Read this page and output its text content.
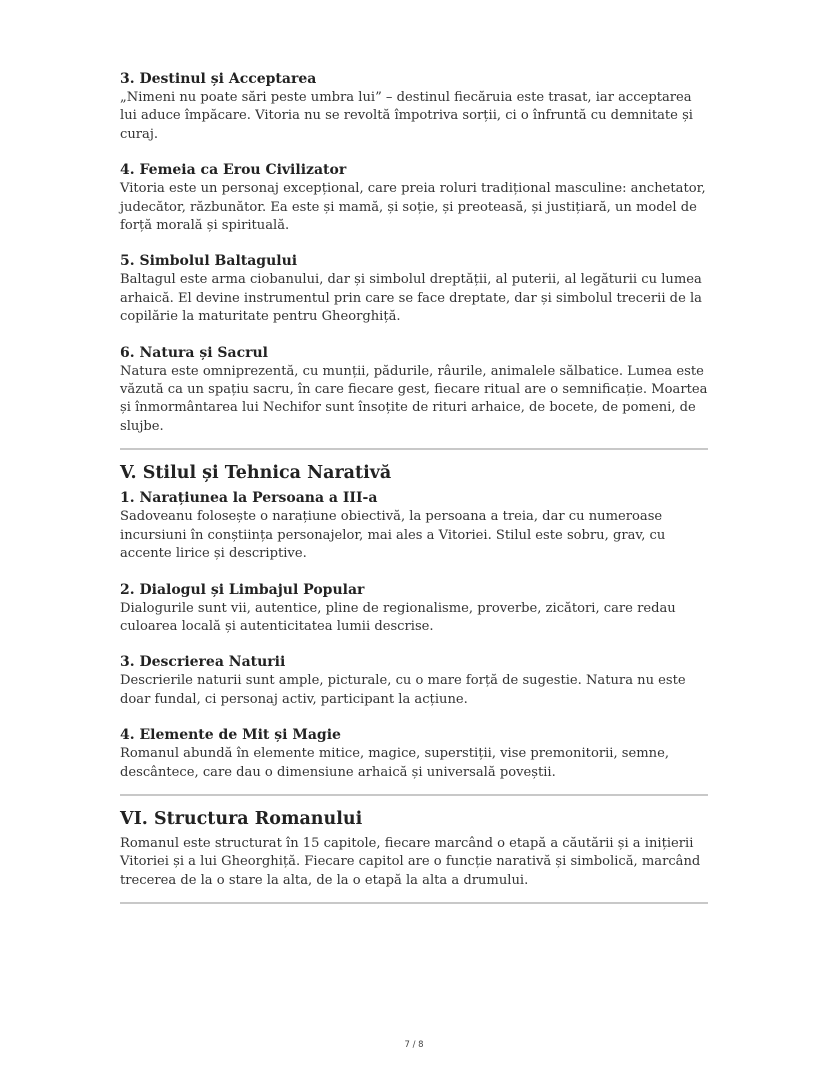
3. Destinul și Acceptarea

„Nimeni nu poate sări peste umbra lui” – destinul fiecăruia este trasat, iar acceptarea lui aduce împăcare. Vitoria nu se revoltă împotriva sorții, ci o înfruntă cu demnitate și curaj.

4. Femeia ca Erou Civilizator

Vitoria este un personaj excepțional, care preia roluri tradițional masculine: anchetator, judecător, răzbunător. Ea este și mamă, și soție, și preoteasă, și justițiară, un model de forță morală și spirituală.

5. Simbolul Baltagului

Baltagul este arma ciobanului, dar și simbolul dreptății, al puterii, al legăturii cu lumea arhaică. El devine instrumentul prin care se face dreptate, dar și simbolul trecerii de la copilărie la maturitate pentru Gheorghiță.

6. Natura și Sacrul

Natura este omniprezentă, cu munții, pădurile, râurile, animalele sălbatice. Lumea este văzută ca un spațiu sacru, în care fiecare gest, fiecare ritual are o semnificație. Moartea și înmormântarea lui Nechifor sunt însoțite de rituri arhaice, de bocete, de pomeni, de slujbe.

V. Stilul și Tehnica Narativă
1. Narațiunea la Persoana a III-a

Sadoveanu folosește o narațiune obiectivă, la persoana a treia, dar cu numeroase incursiuni în conștiința personajelor, mai ales a Vitoriei. Stilul este sobru, grav, cu accente lirice și descriptive.

2. Dialogul și Limbajul Popular

Dialogurile sunt vii, autentice, pline de regionalisme, proverbe, zicători, care redau culoarea locală și autenticitatea lumii descrise.

3. Descrierea Naturii

Descrierile naturii sunt ample, picturale, cu o mare forță de sugestie. Natura nu este doar fundal, ci personaj activ, participant la acțiune.

4. Elemente de Mit și Magie

Romanul abundă în elemente mitice, magice, superstiții, vise premonitorii, semne, descântece, care dau o dimensiune arhaică și universală poveștii.

VI. Structura Romanului

Romanul este structurat în 15 capitole, fiecare marcând o etapă a căutării și a inițierii Vitoriei și a lui Gheorghiță. Fiecare capitol are o funcție narativă și simbolică, marcând trecerea de la o stare la alta, de la o etapă la alta a drumului.

7 / 8
